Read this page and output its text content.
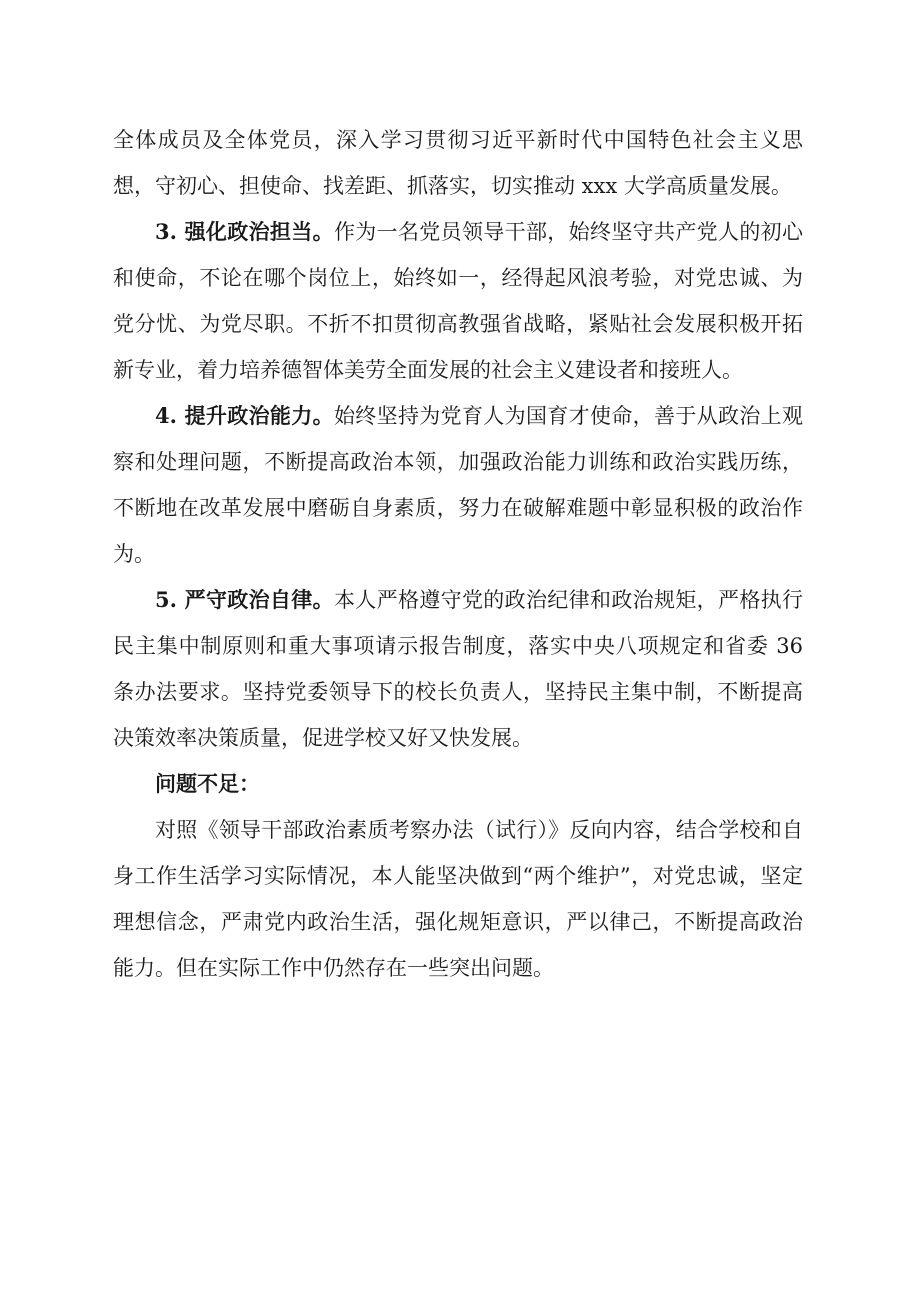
全体成员及全体党员，深入学习贯彻习近平新时代中国特色社会主义思想，守初心、担使命、找差距、抓落实，切实推动 xxx 大学高质量发展。

3. 强化政治担当。作为一名党员领导干部，始终坚守共产党人的初心和使命，不论在哪个岗位上，始终如一，经得起风浪考验，对党忠诚、为党分忧、为党尽职。不折不扣贯彻高教强省战略，紧贴社会发展积极开拓新专业，着力培养德智体美劳全面发展的社会主义建设者和接班人。

4. 提升政治能力。始终坚持为党育人为国育才使命，善于从政治上观察和处理问题，不断提高政治本领，加强政治能力训练和政治实践历练，不断地在改革发展中磨砺自身素质，努力在破解难题中彰显积极的政治作为。

5. 严守政治自律。本人严格遵守党的政治纪律和政治规矩，严格执行民主集中制原则和重大事项请示报告制度，落实中央八项规定和省委 36 条办法要求。坚持党委领导下的校长负责人，坚持民主集中制，不断提高决策效率决策质量，促进学校又好又快发展。

问题不足：

对照《领导干部政治素质考察办法（试行）》反向内容，结合学校和自身工作生活学习实际情况，本人能坚决做到“两个维护”，对党忠诚，坚定理想信念，严肃党内政治生活，强化规矩意识，严以律己，不断提高政治能力。但在实际工作中仍然存在一些突出问题。
